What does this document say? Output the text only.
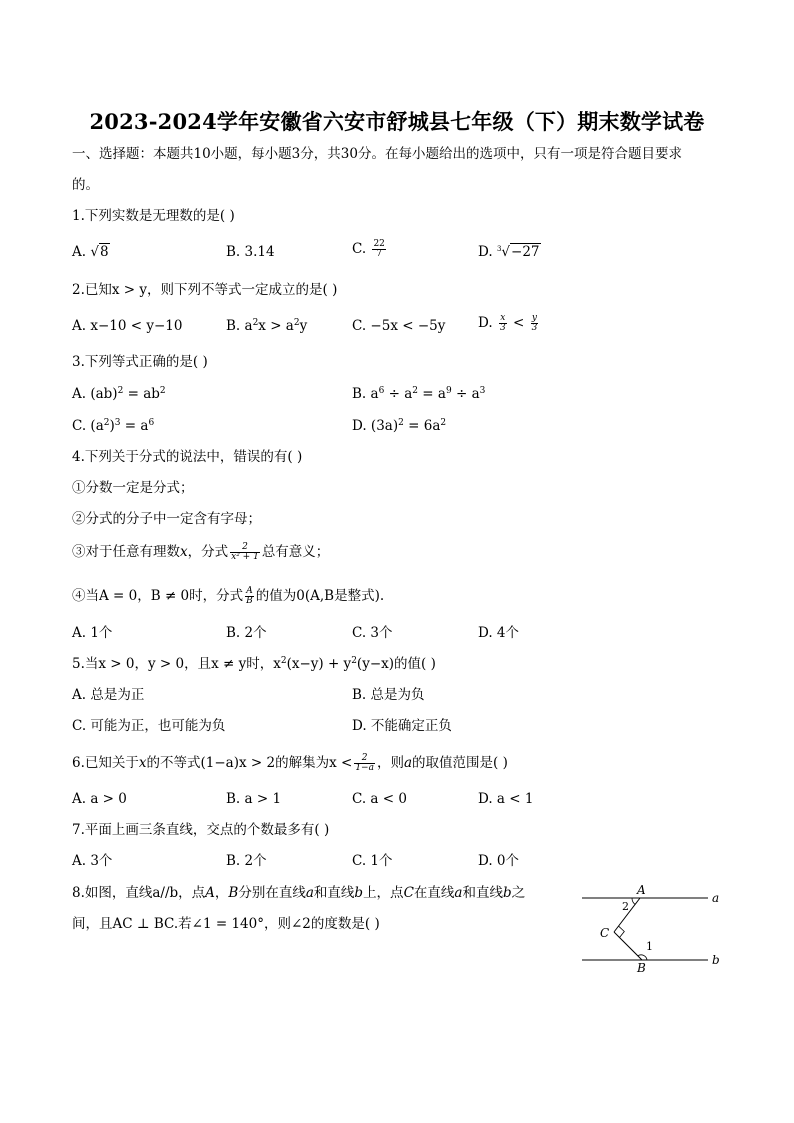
2023-2024学年安徽省六安市舒城县七年级（下）期末数学试卷
一、选择题：本题共10小题，每小题3分，共30分。在每小题给出的选项中，只有一项是符合题目要求
的。
1.下列实数是无理数的是( )
A. √8	B. 3.14	C. $\frac{22}{7}$	D. $^3$√−27
2.已知x > y，则下列不等式一定成立的是( )
A. x−10 < y−10	B. $a^2x > a^2y$	C. −5x < −5y D. $\frac{x}{3} < \frac{y}{3}$
3.下列等式正确的是( )
A. $(ab)^2 = ab^2$	B. $a^6 \div a^2 = a^9 \div a^3$
C. $(a^2)^3 = a^6$	D. $(3a)^2 = 6a^2$
4.下列关于分式的说法中，错误的有( )
①分数一定是分式；
②分式的分子中一定含有字母；
③对于任意有理数x，分式 $\frac{2}{\text{x² + 1}}$ 总有意义；
④当A = 0，B ≠ 0时，分式 $\frac{A}{B}$ 的值为0(A,B是整式).
A. 1个	B. 2个	C. 3个	D. 4个
5.当x > 0，y > 0，且x ≠ y时，$x^2(x-y) + y^2(y-x)$的值( )
A. 总是为正	B. 总是为负
C. 可能为正，也可能为负	D. 不能确定正负
6.已知关于x的不等式(1−a)x > 2的解集为$x < \frac{2}{1-a}$ ，则a的取值范围是( )
A. a > 0	B. a > 1	C. a < 0	D. a < 1
7.平面上画三条直线，交点的个数最多有( )
A. 3个	B. 2个	C. 1个	D. 0个
8.如图，直线a//b，点A，B分别在直线a和直线b上，点C在直线a和直线b之
间，且AC ⊥ BC.若∠1 = 140°，则∠2的度数是( )
A
B
C
a
b
1
2
